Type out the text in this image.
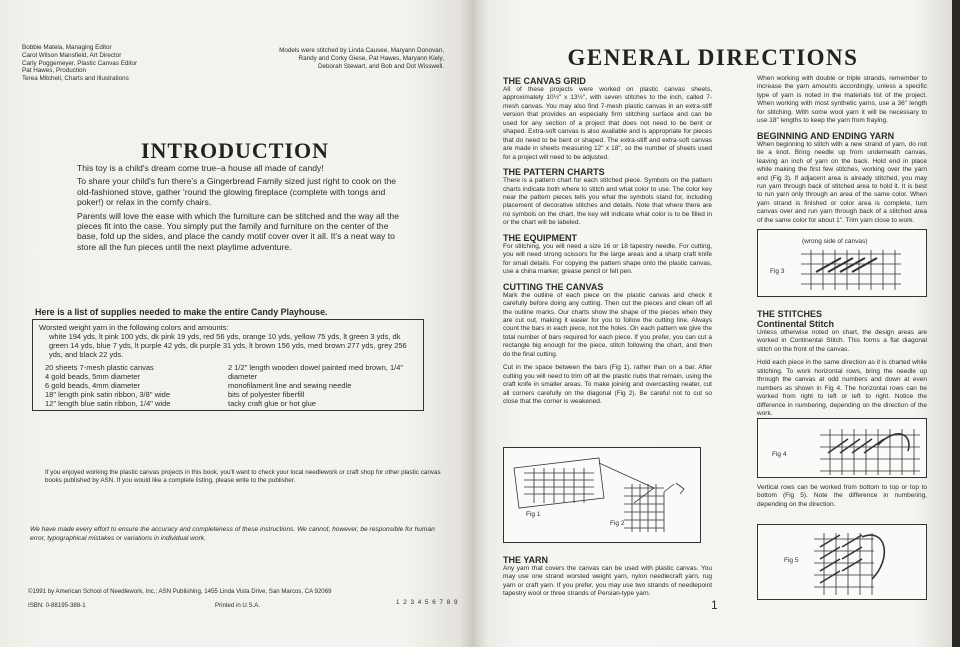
Bobbie Matela, Managing Editor
Carol Wilson Mansfield, Art Director
Carly Poggemeyer, Plastic Canvas Editor
Pat Hawes, Production
Terea Mitchell, Charts and Illustrations
Models were stitched by Linda Causee, Maryann Donovan,
Randy and Corky Giese, Pat Hawes, Maryann Kiely,
Deborah Stewart, and Bob and Dot Wisswell.
INTRODUCTION

This toy is a child's dream come true–a house all made of candy!

To share your child's fun there's a Gingerbread Family sized just right to cook on the old-fashioned stove, gather 'round the glowing fireplace (complete with tongs and poker!) or relax in the comfy chairs.

Parents will love the ease with which the furniture can be stitched and the way all the pieces fit into the case. You simply put the family and furniture on the center of the base, fold up the sides, and place the candy motif cover over it all. It's a neat way to store all the fun pieces until the next playtime adventure.

Here is a list of supplies needed to make the entire Candy Playhouse.
Worsted weight yarn in the following colors and amounts:
white 194 yds, lt pink 100 yds, dk pink 19 yds, red 56 yds, orange 10 yds, yellow 75 yds, lt green 3 yds, dk green 14 yds, blue 7 yds, lt purple 42 yds, dk purple 31 yds, lt brown 156 yds, med brown 277 yds, grey 256 yds, and black 22 yds.
20 sheets 7-mesh plastic canvas
4 gold beads, 5mm diameter
6 gold beads, 4mm diameter
18" length pink satin ribbon, 3/8" wide
12" length blue satin ribbon, 1/4" wide
2 1/2" length wooden dowel painted med brown, 1/4" diameter
monofilament line and sewing needle
bits of polyester fiberfill
tacky craft glue or hot glue
If you enjoyed working the plastic canvas projects in this book, you'll want to check your local needlework or craft shop for other plastic canvas books published by ASN. If you would like a complete listing, please write to the publisher.
We have made every effort to ensure the accuracy and completeness of these instructions. We cannot, however, be responsible for human error, typographical mistakes or variations in individual work.
©1991 by American School of Needlework, Inc.; ASN Publishing, 1455 Linda Vista Drive, San Marcos, CA 92069
ISBN: 0-88195-388-1	Printed in U.S.A.	1 2 3 4 5 6 7 8 9
GENERAL DIRECTIONS
THE CANVAS GRID

All of these projects were worked on plastic canvas sheets, approximately 10½" x 13½", with seven stitches to the inch, called 7-mesh canvas. You may also find 7-mesh plastic canvas in an extra-stiff version that provides an especially firm stitching surface and can be used for any section of a project that does not need to be bent or shaped. Extra-soft canvas is also available and is appropriate for pieces that do need to be bent or shaped. The extra-stiff and extra-soft canvas are made in sheets measuring 12" x 18", so the number of sheets used for a project will need to be adjusted.

THE PATTERN CHARTS

There is a pattern chart for each stitched piece. Symbols on the pattern charts indicate both where to stitch and what color to use. The color key near the pattern pieces tells you what the symbols stand for, including placement of decorative stitches and details. Note that where there are no symbols on the chart, the key will indicate what color is to be filled in or the chart will be labeled.

THE EQUIPMENT

For stitching, you will need a size 16 or 18 tapestry needle. For cutting, you will need strong scissors for the large areas and a sharp craft knife for small details. For copying the pattern shape onto the plastic canvas, use a china marker, grease pencil or felt pen.

CUTTING THE CANVAS

Mark the outline of each piece on the plastic canvas and check it carefully before doing any cutting. Then cut the pieces and clean off all the outline marks. Our charts show the shape of the pieces when they are cut out, making it easier for you to follow the cutting line. Always count the bars in each piece, not the holes. On each pattern we give the total number of bars required for each piece. If you prefer, you can cut a rectangle big enough for the piece, stitch following the chart, and then do the final cutting.

Cut in the space between the bars (Fig 1), rather than on a bar. After cutting you will need to trim off all the plastic nubs that remain, using the craft knife in smaller areas. To make joining and overcasting neater, cut all corners carefully on the diagonal (Fig 2). Be careful not to cut so close that the corner is weakened.

Fig 1
Fig 2
THE YARN

Any yarn that covers the canvas can be used with plastic canvas. You may use one strand worsted weight yarn, nylon needlecraft yarn, rug yarn or craft yarn. If you prefer, you may use two strands of needlepoint tapestry wool or three strands of Persian-type yarn.

1

When working with double or triple strands, remember to increase the yarn amounts accordingly, unless a specific type of yarn is noted in the materials list of the project. When working with most synthetic yarns, use a 36" length for stitching. With some wool yarn it will be necessary to use 18" lengths to keep the yarn from fraying.

BEGINNING AND ENDING YARN

When beginning to stitch with a new strand of yarn, do not tie a knot. Bring needle up from underneath canvas, leaving an inch of yarn on the back. Hold end in place while making the first few stitches, working over the yarn end (Fig 3). If adjacent area is already stitched, you may run yarn through back of stitched area to hold it. It is best to run yarn only through an area of the same color. When yarn strand is finished or color area is complete, turn canvas over and run yarn through back of a stitched area of the same color for about 1". Trim yarn close to work.

(wrong side of canvas)
Fig 3
THE STITCHES
Continental Stitch

Unless otherwise noted on chart, the design areas are worked in Continental Stitch. This forms a flat diagonal stitch on the front of the canvas.

Hold each piece in the same direction as it is charted while stitching. To work horizontal rows, bring the needle up through the canvas at odd numbers and down at even numbers as shown in Fig 4. The horizontal rows can be worked from right to left or left to right. Notice the difference in numbering, depending on the direction of the work.

Fig 4

Vertical rows can be worked from bottom to top or top to bottom (Fig 5). Note the difference in numbering, depending on the direction.

Fig 5
